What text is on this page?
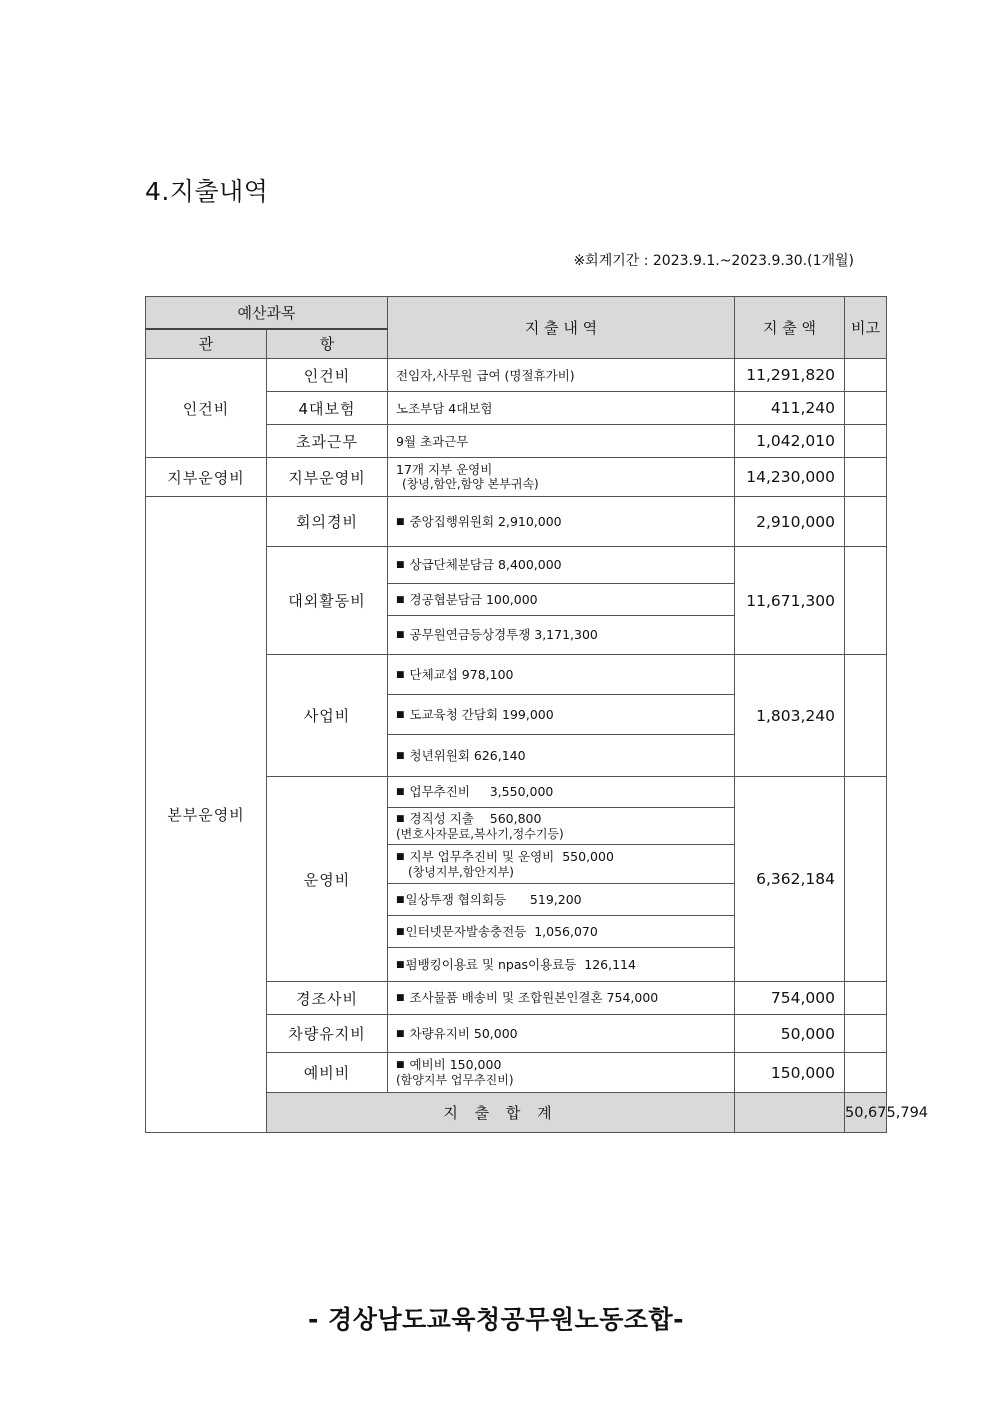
4.지출내역
※회계기간 : 2023.9.1.~2023.9.30.(1개월)
예산과목		지 출 내 역	지 출 액	비고	
관	항				
인건비	인건비	전임자,사무원 급여 (명절휴가비)	11,291,820		
	4대보험	노조부담 4대보험	411,240		
	초과근무	9월 초과근무	1,042,010		
지부운영비	지부운영비	17개 지부 운영비
(창녕,함안,함양 본부귀속)	14,230,000		
본부운영비	회의경비	■ 중앙집행위원회 2,910,000	2,910,000		
	대외활동비	■ 상급단체분담금 8,400,000	11,671,300		
		■ 경공협분담금 100,000			
		■ 공무원연금등상경투쟁 3,171,300			
	사업비	■ 단체교섭 978,100	1,803,240		
		■ 도교육청 간담회 199,000			
		■ 청년위원회 626,140			
	운영비	■ 업무추진비     3,550,000	6,362,184		
		■ 경직성 지출    560,800
(변호사자문료,복사기,정수기등)			

		■ 지부 업무추진비 및 운영비  550,000
(창녕지부,함안지부)			

		■일상투쟁 협의회등      519,200			
		■인터넷문자발송충전등  1,056,070			
		■펌뱅킹이용료 및 npas이용료등  126,114			
	경조사비	■ 조사물품 배송비 및 조합원본인결혼 754,000	754,000		
	차량유지비	■ 차량유지비 50,000	50,000		
	예비비	■ 예비비 150,000
(함양지부 업무추진비)	150,000		
	지 출 합 계			50,675,794	
- 경상남도교육청공무원노동조합-
